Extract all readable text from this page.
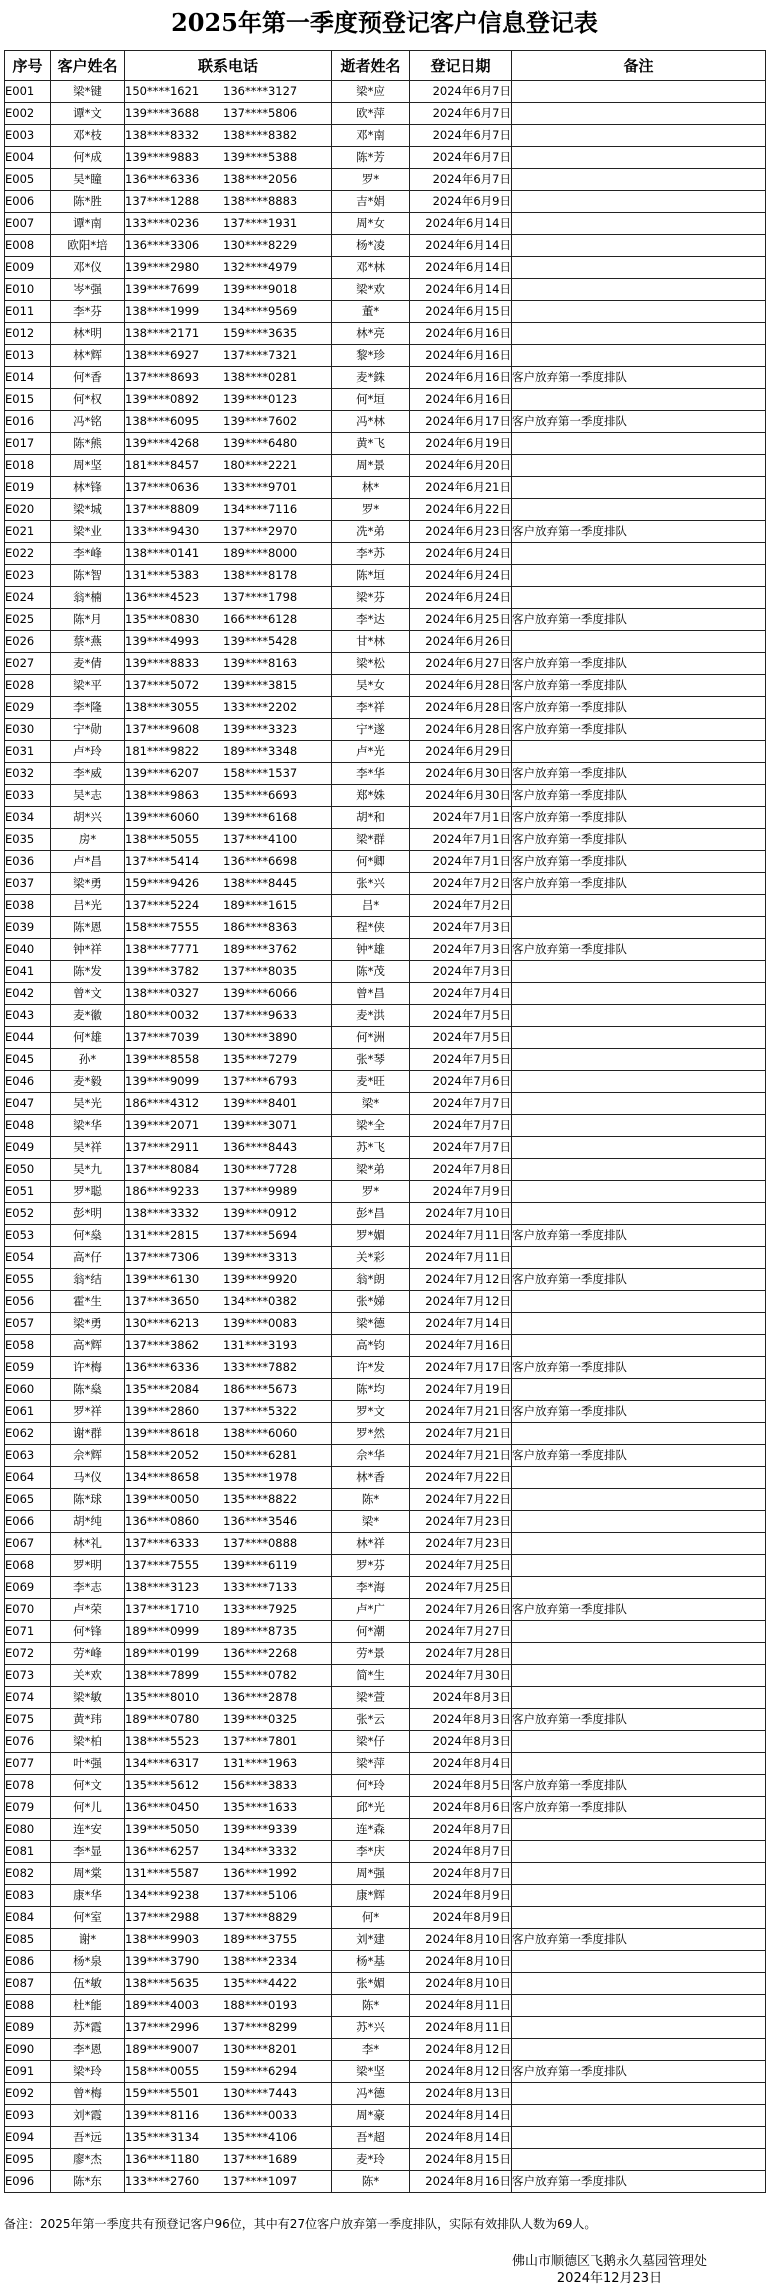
2025年第一季度预登记客户信息登记表
序号	客户姓名	联系电话	逝者姓名	登记日期	备注
E001	梁*键	150****1621 136****3127	梁*应	2024年6月7日	
E002	谭*文	139****3688 137****5806	欧*萍	2024年6月7日	
E003	邓*枝	138****8332 138****8382	邓*南	2024年6月7日	
E004	何*成	139****9883 139****5388	陈*芳	2024年6月7日	
E005	吴*瞳	136****6336 138****2056	罗*	2024年6月7日	
E006	陈*胜	137****1288 138****8883	吉*娟	2024年6月9日	
E007	谭*南	133****0236 137****1931	周*女	2024年6月14日	
E008	欧阳*培	136****3306 130****8229	杨*凌	2024年6月14日	
E009	邓*仪	139****2980 132****4979	邓*林	2024年6月14日	
E010	岑*强	139****7699 139****9018	梁*欢	2024年6月14日	
E011	李*芬	138****1999 134****9569	董*	2024年6月15日	
E012	林*明	138****2171 159****3635	林*亮	2024年6月16日	
E013	林*辉	138****6927 137****7321	黎*珍	2024年6月16日	
E014	何*香	137****8693 138****0281	麦*銖	2024年6月16日	客户放弃第一季度排队
E015	何*权	139****0892 139****0123	何*垣	2024年6月16日	
E016	冯*铭	138****6095 139****7602	冯*林	2024年6月17日	客户放弃第一季度排队
E017	陈*熊	139****4268 139****6480	黄*飞	2024年6月19日	
E018	周*坚	181****8457 180****2221	周*景	2024年6月20日	
E019	林*锋	137****0636 133****9701	林*	2024年6月21日	
E020	梁*城	137****8809 134****7116	罗*	2024年6月22日	
E021	梁*业	133****9430 137****2970	冼*弟	2024年6月23日	客户放弃第一季度排队
E022	李*峰	138****0141 189****8000	李*苏	2024年6月24日	
E023	陈*智	131****5383 138****8178	陈*垣	2024年6月24日	
E024	翁*楠	136****4523 137****1798	梁*芬	2024年6月24日	
E025	陈*月	135****0830 166****6128	李*达	2024年6月25日	客户放弃第一季度排队
E026	蔡*燕	139****4993 139****5428	甘*林	2024年6月26日	
E027	麦*倩	139****8833 139****8163	梁*松	2024年6月27日	客户放弃第一季度排队
E028	梁*平	137****5072 139****3815	吴*女	2024年6月28日	客户放弃第一季度排队
E029	李*隆	138****3055 133****2202	李*祥	2024年6月28日	客户放弃第一季度排队
E030	宁*勋	137****9608 139****3323	宁*遂	2024年6月28日	客户放弃第一季度排队
E031	卢*玲	181****9822 189****3348	卢*光	2024年6月29日	
E032	李*威	139****6207 158****1537	李*华	2024年6月30日	客户放弃第一季度排队
E033	吴*志	138****9863 135****6693	郑*姝	2024年6月30日	客户放弃第一季度排队
E034	胡*兴	139****6060 139****6168	胡*和	2024年7月1日	客户放弃第一季度排队
E035	房*	138****5055 137****4100	梁*群	2024年7月1日	客户放弃第一季度排队
E036	卢*昌	137****5414 136****6698	何*卿	2024年7月1日	客户放弃第一季度排队
E037	梁*勇	159****9426 138****8445	张*兴	2024年7月2日	客户放弃第一季度排队
E038	吕*光	137****5224 189****1615	吕*	2024年7月2日	
E039	陈*恩	158****7555 186****8363	程*侠	2024年7月3日	
E040	钟*祥	138****7771 189****3762	钟*雄	2024年7月3日	客户放弃第一季度排队
E041	陈*发	139****3782 137****8035	陈*茂	2024年7月3日	
E042	曾*文	138****0327 139****6066	曾*昌	2024年7月4日	
E043	麦*徽	180****0032 137****9633	麦*洪	2024年7月5日	
E044	何*雄	137****7039 130****3890	何*洲	2024年7月5日	
E045	孙*	139****8558 135****7279	张*琴	2024年7月5日	
E046	麦*毅	139****9099 137****6793	麦*旺	2024年7月6日	
E047	吴*光	186****4312 139****8401	梁*	2024年7月7日	
E048	梁*华	139****2071 139****3071	梁*全	2024年7月7日	
E049	吴*祥	137****2911 136****8443	苏*飞	2024年7月7日	
E050	吴*九	137****8084 130****7728	梁*弟	2024年7月8日	
E051	罗*聪	186****9233 137****9989	罗*	2024年7月9日	
E052	彭*明	138****3332 139****0912	彭*昌	2024年7月10日	
E053	何*燊	131****2815 137****5694	罗*媚	2024年7月11日	客户放弃第一季度排队
E054	高*仔	137****7306 139****3313	关*彩	2024年7月11日	
E055	翁*结	139****6130 139****9920	翁*朗	2024年7月12日	客户放弃第一季度排队
E056	霍*生	137****3650 134****0382	张*娣	2024年7月12日	
E057	梁*勇	130****6213 139****0083	梁*德	2024年7月14日	
E058	高*辉	137****3862 131****3193	高*钧	2024年7月16日	
E059	许*梅	136****6336 133****7882	许*发	2024年7月17日	客户放弃第一季度排队
E060	陈*燊	135****2084 186****5673	陈*均	2024年7月19日	
E061	罗*祥	139****2860 137****5322	罗*文	2024年7月21日	客户放弃第一季度排队
E062	谢*群	139****8618 138****6060	罗*然	2024年7月21日	
E063	佘*辉	158****2052 150****6281	佘*华	2024年7月21日	客户放弃第一季度排队
E064	马*仪	134****8658 135****1978	林*香	2024年7月22日	
E065	陈*球	139****0050 135****8822	陈*	2024年7月22日	
E066	胡*纯	136****0860 136****3546	梁*	2024年7月23日	
E067	林*礼	137****6333 137****0888	林*祥	2024年7月23日	
E068	罗*明	137****7555 139****6119	罗*芬	2024年7月25日	
E069	李*志	138****3123 133****7133	李*海	2024年7月25日	
E070	卢*荣	137****1710 133****7925	卢*广	2024年7月26日	客户放弃第一季度排队
E071	何*锋	189****0999 189****8735	何*潮	2024年7月27日	
E072	劳*峰	189****0199 136****2268	劳*景	2024年7月28日	
E073	关*欢	138****7899 155****0782	简*生	2024年7月30日	
E074	梁*敏	135****8010 136****2878	梁*萱	2024年8月3日	
E075	黄*玮	189****0780 139****0325	张*云	2024年8月3日	客户放弃第一季度排队
E076	梁*柏	138****5523 137****7801	梁*仔	2024年8月3日	
E077	叶*强	134****6317 131****1963	梁*萍	2024年8月4日	
E078	何*文	135****5612 156****3833	何*玲	2024年8月5日	客户放弃第一季度排队
E079	何*儿	136****0450 135****1633	邱*光	2024年8月6日	客户放弃第一季度排队
E080	连*安	139****5050 139****9339	连*森	2024年8月7日	
E081	李*显	136****6257 134****3332	李*庆	2024年8月7日	
E082	周*棠	131****5587 136****1992	周*强	2024年8月7日	
E083	康*华	134****9238 137****5106	康*辉	2024年8月9日	
E084	何*室	137****2988 137****8829	何*	2024年8月9日	
E085	谢*	138****9903 189****3755	刘*建	2024年8月10日	客户放弃第一季度排队
E086	杨*泉	139****3790 138****2334	杨*基	2024年8月10日	
E087	伍*敏	138****5635 135****4422	张*媚	2024年8月10日	
E088	杜*能	189****4003 188****0193	陈*	2024年8月11日	
E089	苏*霞	137****2996 137****8299	苏*兴	2024年8月11日	
E090	李*恩	189****9007 130****8201	李*	2024年8月12日	
E091	梁*玲	158****0055 159****6294	梁*坚	2024年8月12日	客户放弃第一季度排队
E092	曾*梅	159****5501 130****7443	冯*德	2024年8月13日	
E093	刘*霞	139****8116 136****0033	周*豪	2024年8月14日	
E094	吾*远	135****3134 135****4106	吾*超	2024年8月14日	
E095	廖*杰	136****1180 137****1689	麦*玲	2024年8月15日	
E096	陈*东	133****2760 137****1097	陈*	2024年8月16日	客户放弃第一季度排队
备注：2025年第一季度共有预登记客户96位，其中有27位客户放弃第一季度排队，实际有效排队人数为69人。
佛山市顺德区飞鹅永久墓园管理处
2024年12月23日
